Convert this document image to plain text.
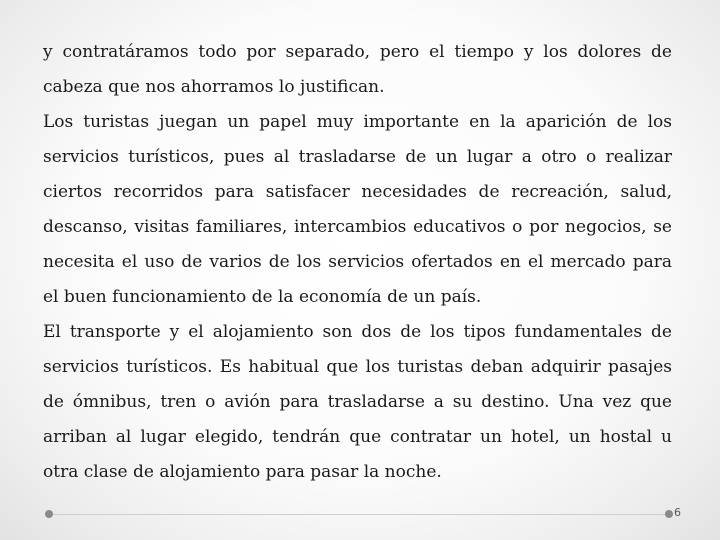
y contratáramos todo por separado, pero el tiempo y los dolores de cabeza que nos ahorramos lo justifican.

Los turistas juegan un papel muy importante en la aparición de los servicios turísticos, pues al trasladarse de un lugar a otro o realizar ciertos recorridos para satisfacer necesidades de recreación, salud, descanso, visitas familiares, intercambios educativos o por negocios, se necesita el uso de varios de los servicios ofertados en el mercado para el buen funcionamiento de la economía de un país.

El transporte y el alojamiento son dos de los tipos fundamentales de servicios turísticos. Es habitual que los turistas deban adquirir pasajes de ómnibus, tren o avión para trasladarse a su destino. Una vez que arriban al lugar elegido, tendrán que contratar un hotel, un hostal u otra clase de alojamiento para pasar la noche.

6
